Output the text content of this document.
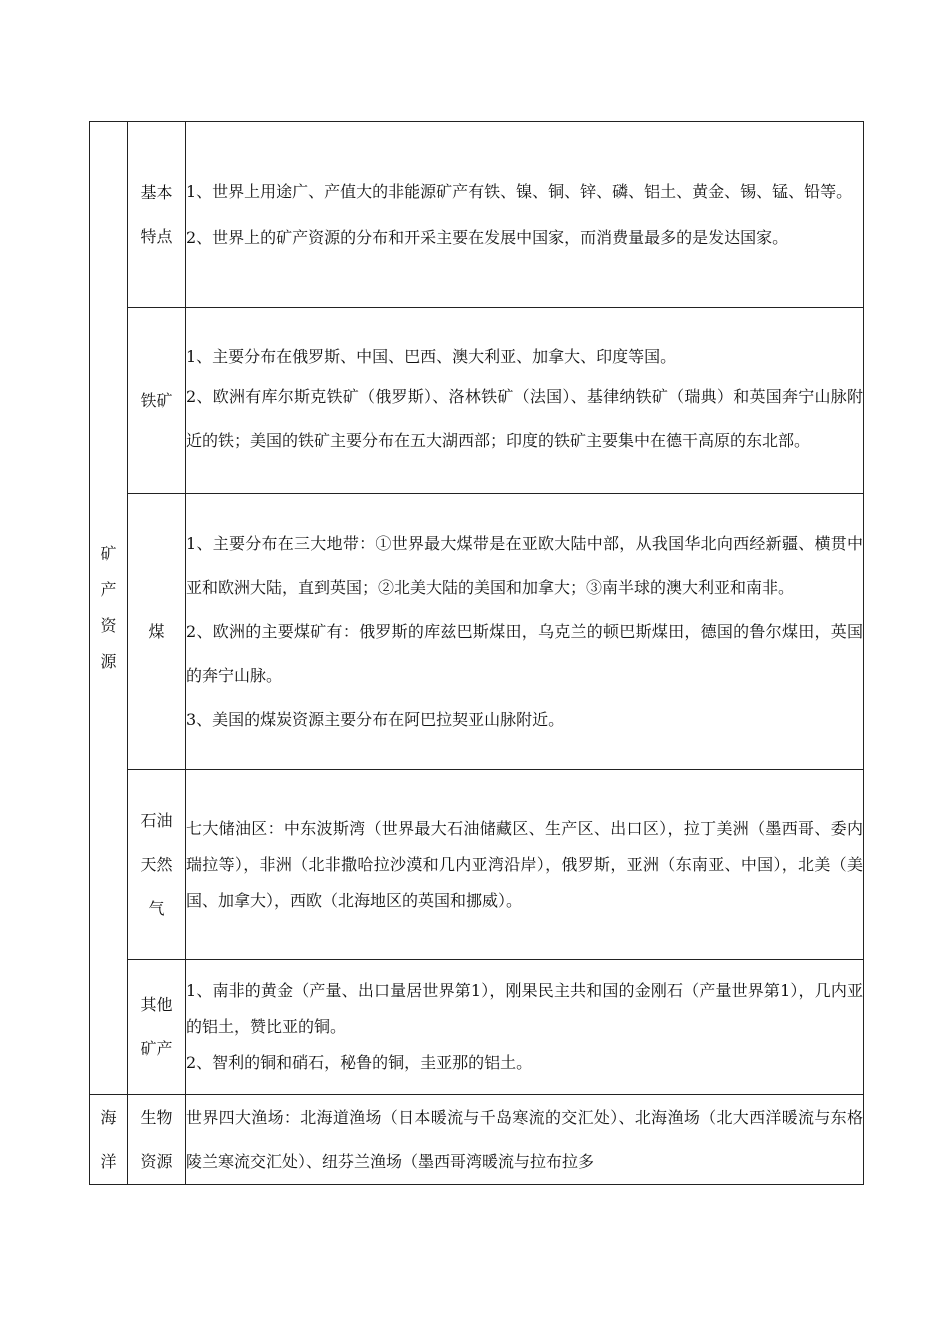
矿产资源	基本特点	1、世界上用途广、产值大的非能源矿产有铁、镍、铜、锌、磷、铝土、黄金、锡、锰、铅等。

2、世界上的矿产资源的分布和开采主要在发展中国家，而消费量最多的是发达国家。

	铁矿	1、主要分布在俄罗斯、中国、巴西、澳大利亚、加拿大、印度等国。

2、欧洲有库尔斯克铁矿（俄罗斯）、洛林铁矿（法国）、基律纳铁矿（瑞典）和英国奔宁山脉附近的铁；美国的铁矿主要分布在五大湖西部；印度的铁矿主要集中在德干高原的东北部。

	煤	1、主要分布在三大地带：①世界最大煤带是在亚欧大陆中部，从我国华北向西经新疆、横贯中亚和欧洲大陆，直到英国；②北美大陆的美国和加拿大；③南半球的澳大利亚和南非。

2、欧洲的主要煤矿有：俄罗斯的库兹巴斯煤田，乌克兰的顿巴斯煤田，德国的鲁尔煤田，英国的奔宁山脉。

3、美国的煤炭资源主要分布在阿巴拉契亚山脉附近。

	石油天然气	七大储油区：中东波斯湾（世界最大石油储藏区、生产区、出口区），拉丁美洲（墨西哥、委内瑞拉等），非洲（北非撒哈拉沙漠和几内亚湾沿岸），俄罗斯，亚洲（东南亚、中国），北美（美国、加拿大），西欧（北海地区的英国和挪威）。

	其他矿产	1、南非的黄金（产量、出口量居世界第1），刚果民主共和国的金刚石（产量世界第1），几内亚的铝土，赞比亚的铜。

2、智利的铜和硝石，秘鲁的铜，圭亚那的铝土。

海洋	生物资源	世界四大渔场：北海道渔场（日本暖流与千岛寒流的交汇处）、北海渔场（北大西洋暖流与东格陵兰寒流交汇处）、纽芬兰渔场（墨西哥湾暖流与拉布拉多
